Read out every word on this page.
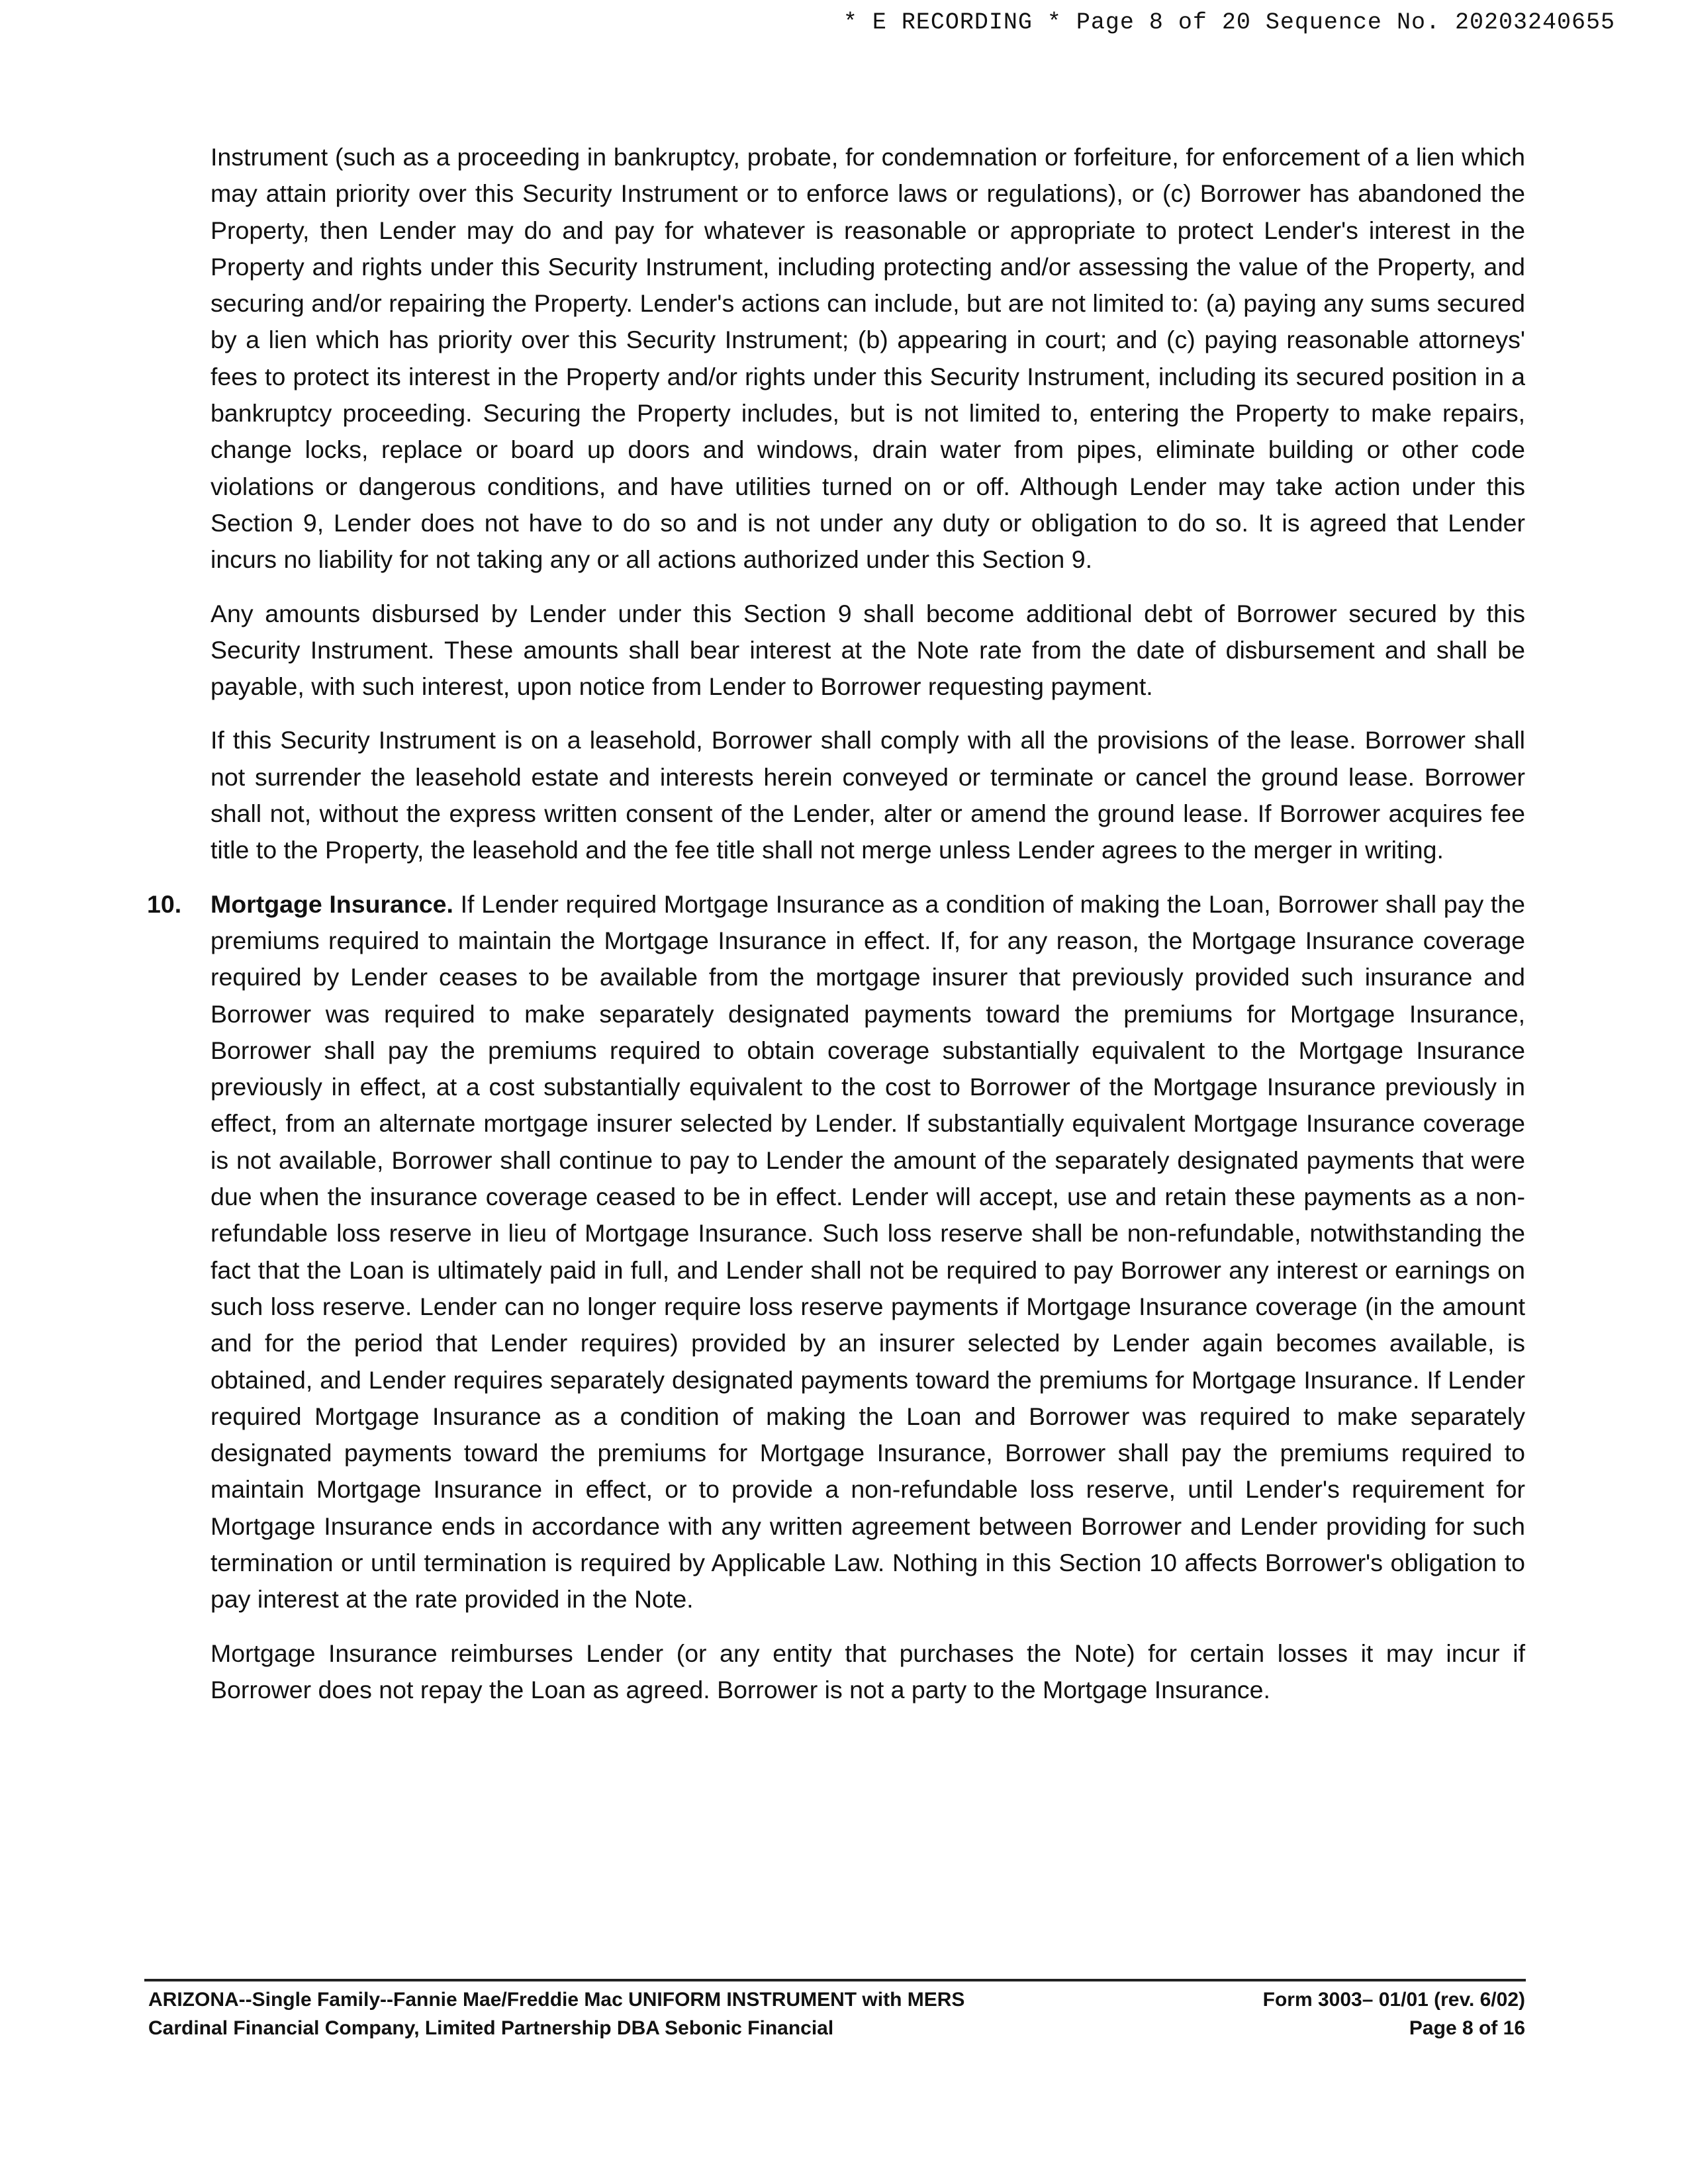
* E RECORDING * Page 8 of 20 Sequence No. 20203240655

Instrument (such as a proceeding in bankruptcy, probate, for condemnation or forfeiture, for enforcement of a lien which may attain priority over this Security Instrument or to enforce laws or regulations), or (c) Borrower has abandoned the Property, then Lender may do and pay for whatever is reasonable or appropriate to protect Lender's interest in the Property and rights under this Security Instrument, including protecting and/or assessing the value of the Property, and securing and/or repairing the Property. Lender's actions can include, but are not limited to: (a) paying any sums secured by a lien which has priority over this Security Instrument; (b) appearing in court; and (c) paying reasonable attorneys' fees to protect its interest in the Property and/or rights under this Security Instrument, including its secured position in a bankruptcy proceeding. Securing the Property includes, but is not limited to, entering the Property to make repairs, change locks, replace or board up doors and windows, drain water from pipes, eliminate building or other code violations or dangerous conditions, and have utilities turned on or off. Although Lender may take action under this Section 9, Lender does not have to do so and is not under any duty or obligation to do so. It is agreed that Lender incurs no liability for not taking any or all actions authorized under this Section 9.

Any amounts disbursed by Lender under this Section 9 shall become additional debt of Borrower secured by this Security Instrument. These amounts shall bear interest at the Note rate from the date of disbursement and shall be payable, with such interest, upon notice from Lender to Borrower requesting payment.

If this Security Instrument is on a leasehold, Borrower shall comply with all the provisions of the lease. Borrower shall not surrender the leasehold estate and interests herein conveyed or terminate or cancel the ground lease. Borrower shall not, without the express written consent of the Lender, alter or amend the ground lease. If Borrower acquires fee title to the Property, the leasehold and the fee title shall not merge unless Lender agrees to the merger in writing.

10. Mortgage Insurance. If Lender required Mortgage Insurance as a condition of making the Loan, Borrower shall pay the premiums required to maintain the Mortgage Insurance in effect. If, for any reason, the Mortgage Insurance coverage required by Lender ceases to be available from the mortgage insurer that previously provided such insurance and Borrower was required to make separately designated payments toward the premiums for Mortgage Insurance, Borrower shall pay the premiums required to obtain coverage substantially equivalent to the Mortgage Insurance previously in effect, at a cost substantially equivalent to the cost to Borrower of the Mortgage Insurance previously in effect, from an alternate mortgage insurer selected by Lender. If substantially equivalent Mortgage Insurance coverage is not available, Borrower shall continue to pay to Lender the amount of the separately designated payments that were due when the insurance coverage ceased to be in effect. Lender will accept, use and retain these payments as a non-refundable loss reserve in lieu of Mortgage Insurance. Such loss reserve shall be non-refundable, notwithstanding the fact that the Loan is ultimately paid in full, and Lender shall not be required to pay Borrower any interest or earnings on such loss reserve. Lender can no longer require loss reserve payments if Mortgage Insurance coverage (in the amount and for the period that Lender requires) provided by an insurer selected by Lender again becomes available, is obtained, and Lender requires separately designated payments toward the premiums for Mortgage Insurance. If Lender required Mortgage Insurance as a condition of making the Loan and Borrower was required to make separately designated payments toward the premiums for Mortgage Insurance, Borrower shall pay the premiums required to maintain Mortgage Insurance in effect, or to provide a non-refundable loss reserve, until Lender's requirement for Mortgage Insurance ends in accordance with any written agreement between Borrower and Lender providing for such termination or until termination is required by Applicable Law. Nothing in this Section 10 affects Borrower's obligation to pay interest at the rate provided in the Note.

Mortgage Insurance reimburses Lender (or any entity that purchases the Note) for certain losses it may incur if Borrower does not repay the Loan as agreed. Borrower is not a party to the Mortgage Insurance.

ARIZONA--Single Family--Fannie Mae/Freddie Mac UNIFORM INSTRUMENT with MERS
Cardinal Financial Company, Limited Partnership DBA Sebonic Financial
Form 3003– 01/01 (rev. 6/02)
Page 8 of 16
